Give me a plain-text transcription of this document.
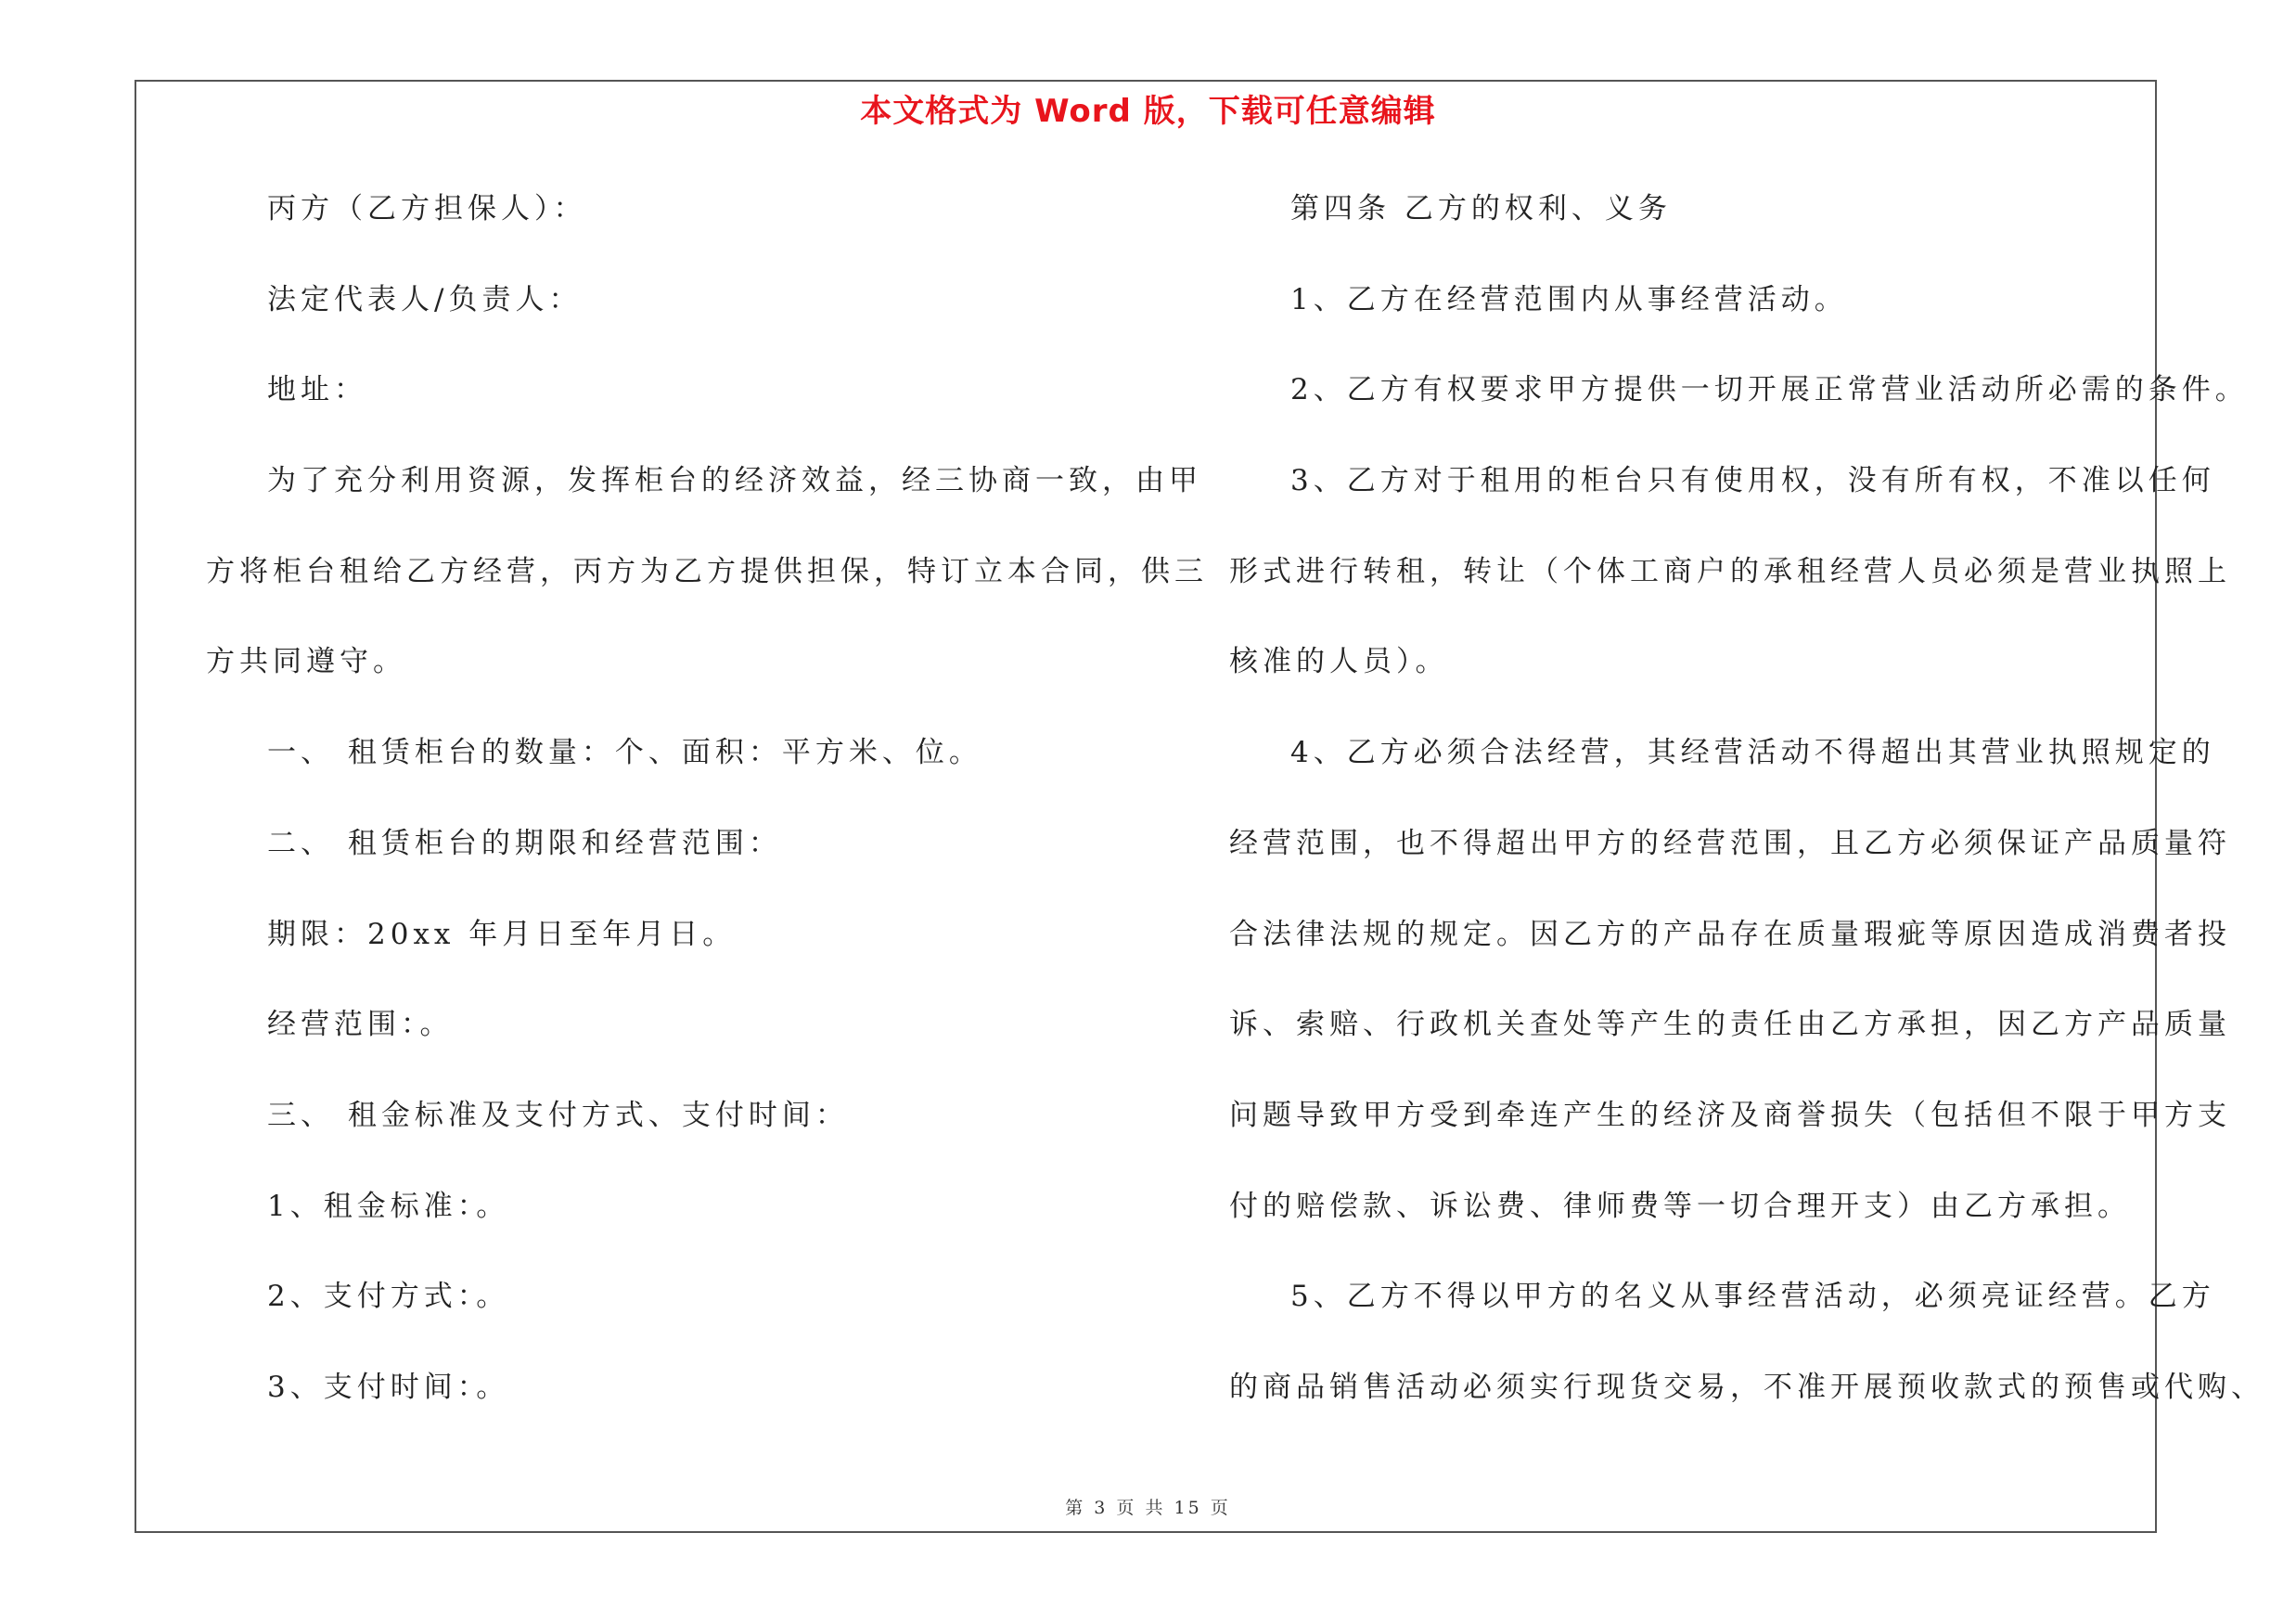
本文格式为 Word 版，下载可任意编辑
丙方（乙方担保人）：
法定代表人/负责人：
地址：
为了充分利用资源，发挥柜台的经济效益，经三协商一致，由甲
方将柜台租给乙方经营，丙方为乙方提供担保，特订立本合同，供三
方共同遵守。
一、 租赁柜台的数量：个、面积：平方米、位。
二、 租赁柜台的期限和经营范围：
期限：20xx 年月日至年月日。
经营范围：。
三、 租金标准及支付方式、支付时间：
1、租金标准：。
2、支付方式：。
3、支付时间：。
第四条 乙方的权利、义务
1、乙方在经营范围内从事经营活动。
2、乙方有权要求甲方提供一切开展正常营业活动所必需的条件。
3、乙方对于租用的柜台只有使用权，没有所有权，不准以任何
形式进行转租，转让（个体工商户的承租经营人员必须是营业执照上
核准的人员）。
4、乙方必须合法经营，其经营活动不得超出其营业执照规定的
经营范围，也不得超出甲方的经营范围，且乙方必须保证产品质量符
合法律法规的规定。因乙方的产品存在质量瑕疵等原因造成消费者投
诉、索赔、行政机关查处等产生的责任由乙方承担，因乙方产品质量
问题导致甲方受到牵连产生的经济及商誉损失（包括但不限于甲方支
付的赔偿款、诉讼费、律师费等一切合理开支）由乙方承担。
5、乙方不得以甲方的名义从事经营活动，必须亮证经营。乙方
的商品销售活动必须实行现货交易，不准开展预收款式的预售或代购、
第 3 页 共 15 页
